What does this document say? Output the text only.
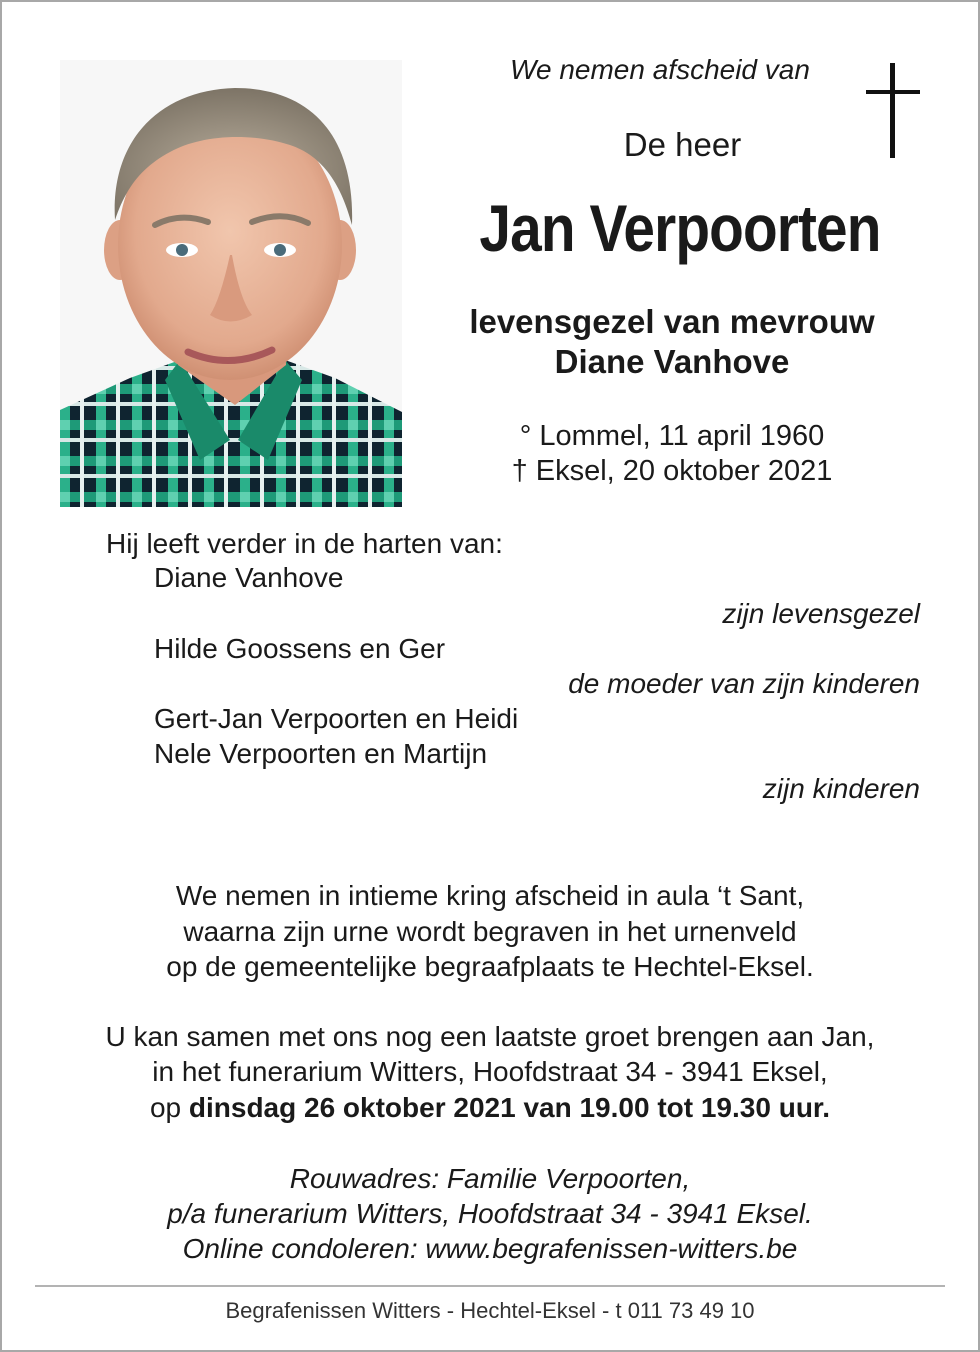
We nemen afscheid van
De heer
Jan Verpoorten
levensgezel van mevrouw
Diane Vanhove
° Lommel, 11 april 1960
† Eksel, 20 oktober 2021
Hij leeft verder in de harten van:
Diane Vanhove
zijn levensgezel
Hilde Goossens en Ger
de moeder van zijn kinderen
Gert-Jan Verpoorten en Heidi
Nele Verpoorten en Martijn
zijn kinderen
We nemen in intieme kring afscheid in aula ‘t Sant,
waarna zijn urne wordt begraven in het urnenveld
op de gemeentelijke begraafplaats te Hechtel-Eksel.
U kan samen met ons nog een laatste groet brengen aan Jan,
in het funerarium Witters, Hoofdstraat 34 - 3941 Eksel,
op dinsdag 26 oktober 2021 van 19.00 tot 19.30 uur.
Rouwadres: Familie Verpoorten,
p/a funerarium Witters, Hoofdstraat 34 - 3941 Eksel.
Online condoleren: www.begrafenissen-witters.be
Begrafenissen Witters - Hechtel-Eksel - t 011 73 49 10
